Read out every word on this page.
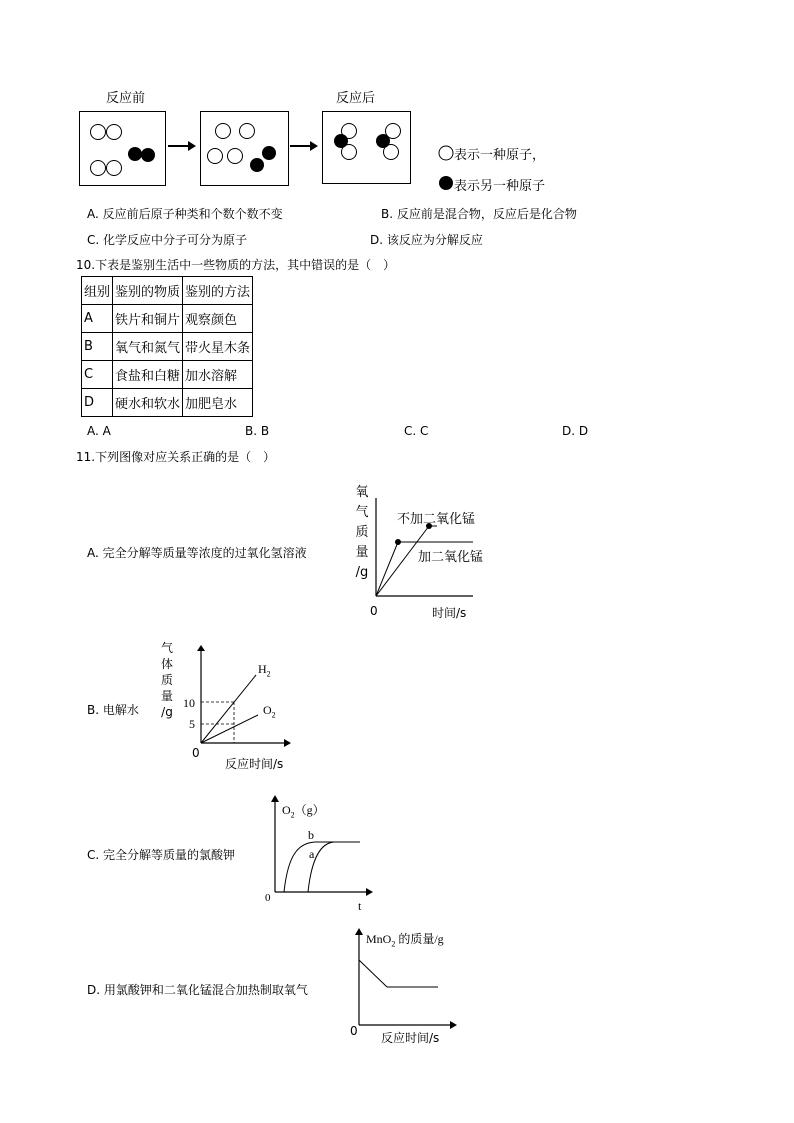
反应前	反应后
表示一种原子，
表示另一种原子
A. 反应前后原子种类和个数个数不变	B. 反应前是混合物，反应后是化合物
C. 化学反应中分子可分为原子	D. 该反应为分解反应
10.下表是鉴别生活中一些物质的方法，其中错误的是（　）
组别	鉴别的物质	鉴别的方法
A	铁片和铜片	观察颜色
B	氧气和氮气	带火星木条
C	食盐和白糖	加水溶解
D	硬水和软水	加肥皂水
A. A	B. B	C. C	D. D
11.下列图像对应关系正确的是（　）
A. 完全分解等质量等浓度的过氧化氢溶液
氧
气
质
量
/g
不加二氧化锰
加二氧化锰
0	时间/s
B. 电解水
气
体
质
量
/g
10
5
$H_2$
$O_2$
0
反应时间/s
C. 完全分解等质量的氯酸钾
$O_2(g)$
b
a
0
t
D. 用氯酸钾和二氧化锰混合加热制取氧气
MnO$_2$ 的质量/g
0 反应时间/s
